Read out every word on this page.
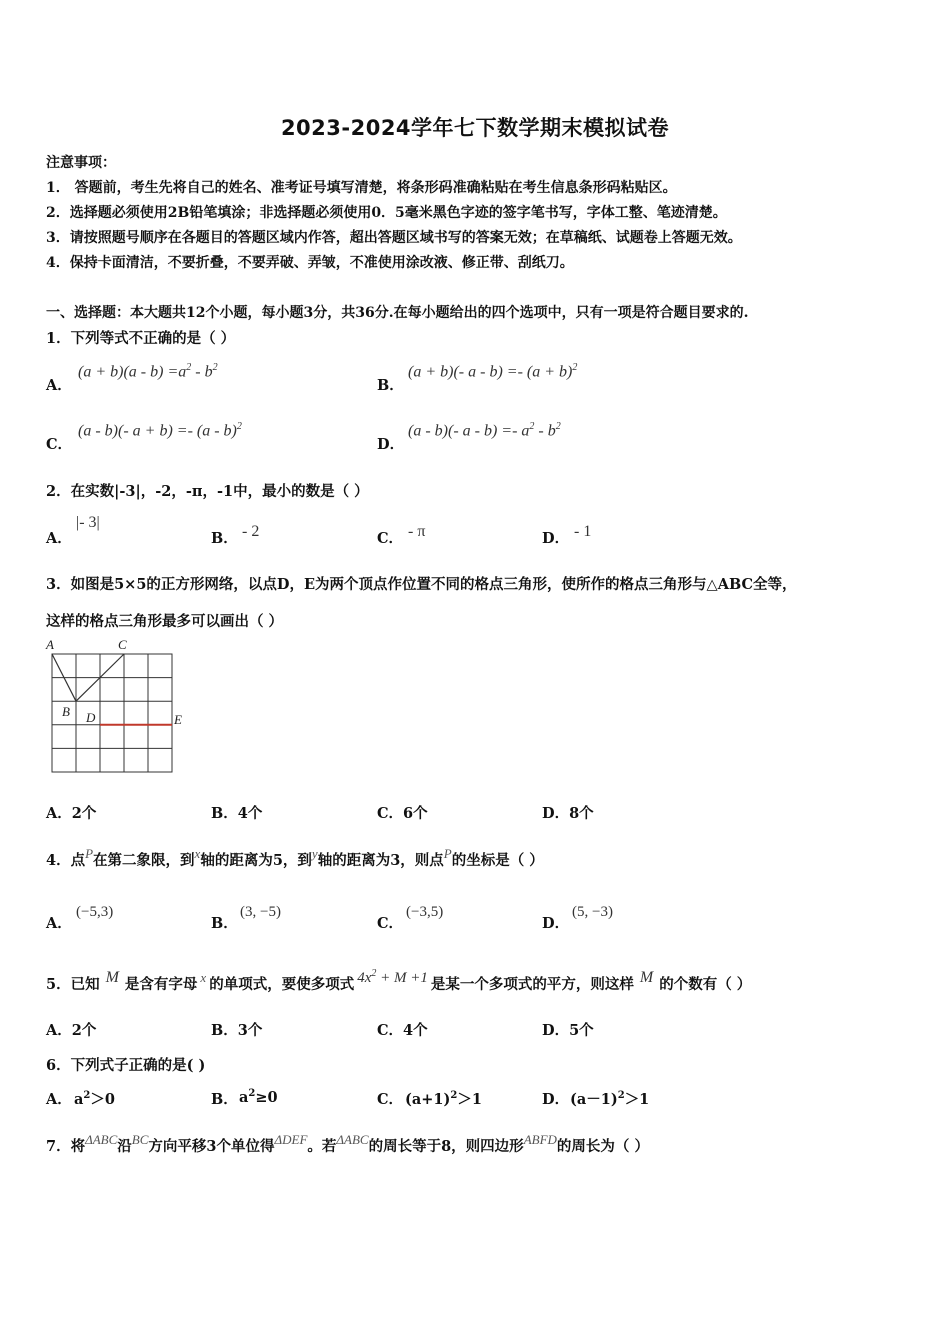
2023-2024学年七下数学期末模拟试卷
注意事项：
1． 答题前，考生先将自己的姓名、准考证号填写清楚，将条形码准确粘贴在考生信息条形码粘贴区。
2．选择题必须使用2B铅笔填涂；非选择题必须使用0．5毫米黑色字迹的签字笔书写，字体工整、笔迹清楚。
3．请按照题号顺序在各题目的答题区域内作答，超出答题区域书写的答案无效；在草稿纸、试题卷上答题无效。
4．保持卡面清洁，不要折叠，不要弄破、弄皱，不准使用涂改液、修正带、刮纸刀。
一、选择题：本大题共12个小题，每小题3分，共36分.在每小题给出的四个选项中，只有一项是符合题目要求的.
1．下列等式不正确的是（ ）
A．
$(a + b)(a - b) =a^2 - b^2$
B．
(a + b)(- $a - b) =- (a + b)^2$
C．
(a - b)(- a + b) =- (a - b)$^2$
D．
(a - b)(- $a - b) =- a^2 - b^2$
2．在实数|-3|，-2，-π，-1中，最小的数是（ ）
A．
|- 3|
B． - 2	C． - π	D． - 1
3．如图是5×5的正方形网络，以点D，E为两个顶点作位置不同的格点三角形，使所作的格点三角形与△ABC全等，
这样的格点三角形最多可以画出（ ）
A	C
B D	E
A．2个	B．4个	C．6个	D．8个
4．点P在第二象限，到x轴的距离为5，到y轴的距离为3，则点P的坐标是（ ）
A．
(−5,3)
B．
(3, −5)
C．
(−3,5)
D．
(5, −3)
5．已知 M 是含有字母 x 的单项式，要使多项式 $4x^2 + M +1$ 是某一个多项式的平方，则这样 M 的个数有（ ）
A．2个	B．3个	C．4个	D．5个
6．下列式子正确的是( )
A． $a^2>0$	B． $a^2\ge 0$	C． $(a+1)^2>1$	D． $(a-1)^2>1$
7．将ΔABC沿BC方向平移3个单位得ΔDEF。若ΔABC的周长等于8，则四边形ABFD的周长为（ ）
